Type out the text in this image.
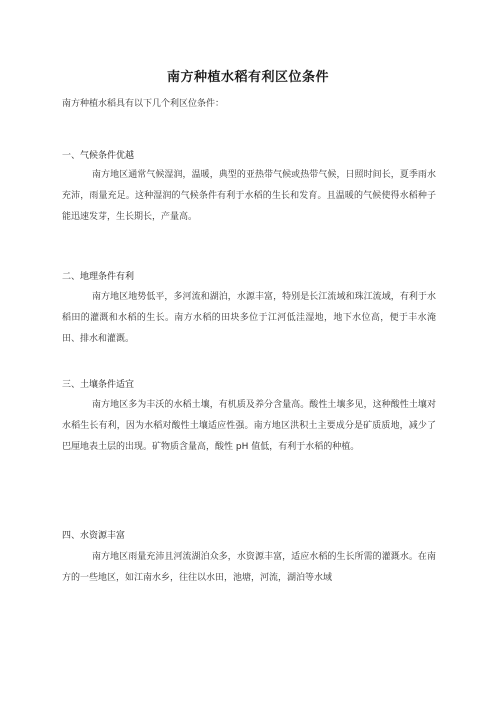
南方种植水稻有利区位条件

南方种植水稻具有以下几个利区位条件：

一、气候条件优越

南方地区通常气候湿润，温暖，典型的亚热带气候或热带气候，日照时间长，夏季雨水充沛，雨量充足。这种湿润的气候条件有利于水稻的生长和发育。且温暖的气候使得水稻种子能迅速发芽，生长期长，产量高。

二、地理条件有利

南方地区地势低平，多河流和湖泊，水源丰富，特别是长江流域和珠江流域，有利于水稻田的灌溉和水稻的生长。南方水稻的田块多位于江河低洼湿地，地下水位高，便于丰水淹田、排水和灌溉。

三、土壤条件适宜

南方地区多为丰沃的水稻土壤，有机质及养分含量高。酸性土壤多见，这种酸性土壤对水稻生长有利，因为水稻对酸性土壤适应性强。南方地区洪积土主要成分是矿质质地，减少了巴厘地表土层的出现。矿物质含量高，酸性 pH 值低，有利于水稻的种植。

四、水资源丰富

南方地区雨量充沛且河流湖泊众多，水资源丰富，适应水稻的生长所需的灌溉水。在南方的一些地区，如江南水乡，往往以水田，池塘，河流，湖泊等水域
